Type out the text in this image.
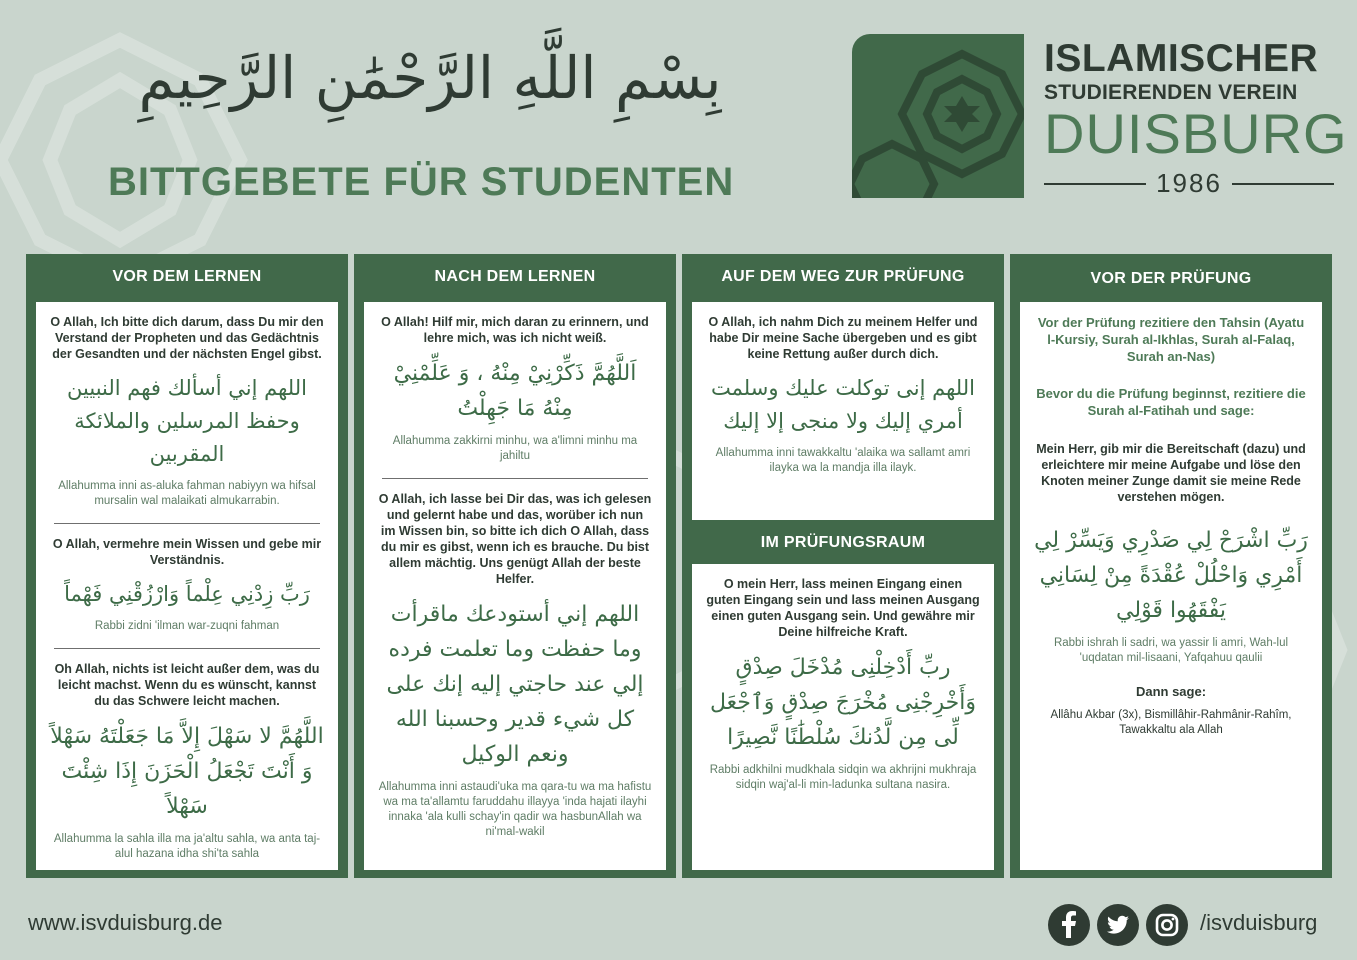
بِسْمِ اللَّهِ الرَّحْمَٰنِ الرَّحِيمِ
BITTGEBETE FÜR STUDENTEN
ISLAMISCHER
STUDIERENDEN VEREIN
DUISBURG
1986
VOR DEM LERNEN
O Allah, Ich bitte dich darum, dass Du mir den Verstand der Propheten und das Gedächtnis der Gesandten und der nächsten Engel gibst.
اللهم إني أسألك فهم النبيين وحفظ المرسلين والملائكة المقربين
Allahumma inni as-aluka fahman nabiyyn wa hifsal mursalin wal malaikati almukarrabin.
O Allah, vermehre mein Wissen und gebe mir Verständnis.
رَبِّ زِدْنِي عِلْماً وَارْزُقْنِي فَهْماً
Rabbi zidni 'ilman war-zuqni fahman
Oh Allah, nichts ist leicht außer dem, was du leicht machst. Wenn du es wünscht, kannst du das Schwere leicht machen.
اللَّهُمَّ لا سَهْلَ إِلاَّ مَا جَعَلْتَهُ سَهْلاً وَ أَنْتَ تَجْعَلُ الْحَزَنَ إِذَا شِئْتَ سَهْلاً
Allahumma la sahla illa ma ja'altu sahla, wa anta taj-alul hazana idha shi'ta sahla
NACH DEM LERNEN
O Allah! Hilf mir, mich daran zu erinnern, und lehre mich, was ich nicht weiß.
اَللَّهُمَّ ذَكِّرْنِيْ مِنْهُ ، وَ عَلِّمْنِيْ مِنْهُ مَا جَهِلْتُ
Allahumma zakkirni minhu, wa a'limni minhu ma jahiltu
O Allah, ich lasse bei Dir das, was ich gelesen und gelernt habe und das, worüber ich nun im Wissen bin, so bitte ich dich O Allah, dass du mir es gibst, wenn ich es brauche. Du bist allem mächtig. Uns genügt Allah der beste Helfer.
اللهم إني أستودعك ماقرأت وما حفظت وما تعلمت فرده إلي عند حاجتي إليه إنك على كل شيء قدير وحسبنا الله ونعم الوكيل
Allahumma inni astaudi'uka ma qara-tu wa ma hafistu wa ma ta'allamtu faruddahu illayya 'inda hajati ilayhi innaka 'ala kulli schay'in qadir wa hasbunAllah wa ni'mal-wakil
AUF DEM WEG ZUR PRÜFUNG
O Allah, ich nahm Dich zu meinem Helfer und habe Dir meine Sache übergeben und es gibt keine Rettung außer durch dich.
اللهم إنى توكلت عليك وسلمت أمري إليك ولا منجى إلا إليك
Allahumma inni tawakkaltu 'alaika wa sallamt amri ilayka wa la mandja illa ilayk.
IM PRÜFUNGSRAUM
O mein Herr, lass meinen Eingang einen guten Eingang sein und lass meinen Ausgang einen guten Ausgang sein. Und gewähre mir Deine hilfreiche Kraft.
ربِّ أَدْخِلْنِى مُدْخَلَ صِدْقٍ وَأَخْرِجْنِى مُخْرَجَ صِدْقٍ وَٱجْعَل لِّى مِن لَّدُنكَ سُلْطَٰنًا نَّصِيرًا
Rabbi adkhilni mudkhala sidqin wa akhrijni mukhraja sidqin waj'al-li min-ladunka sultana nasira.
VOR DER PRÜFUNG
Vor der Prüfung rezitiere den Tahsin (Ayatu l-Kursiy, Surah al-Ikhlas, Surah al-Falaq, Surah an-Nas)
Bevor du die Prüfung beginnst, rezitiere die Surah al-Fatihah und sage:
Mein Herr, gib mir die Bereitschaft (dazu) und erleichtere mir meine Aufgabe und löse den Knoten meiner Zunge damit sie meine Rede verstehen mögen.
رَبِّ اشْرَحْ لِي صَدْرِي وَيَسِّرْ لِي أَمْرِي وَاحْلُلْ عُقْدَةً مِنْ لِسَانِي يَفْقَهُوا قَوْلِي
Rabbi ishrah li sadri, wa yassir li amri, Wah-lul 'uqdatan mil-lisaani, Yafqahuu qaulii
Dann sage:
Allâhu Akbar (3x), Bismillâhir-Rahmânir-Rahîm, Tawakkaltu ala Allah
www.isvduisburg.de	/isvduisburg
